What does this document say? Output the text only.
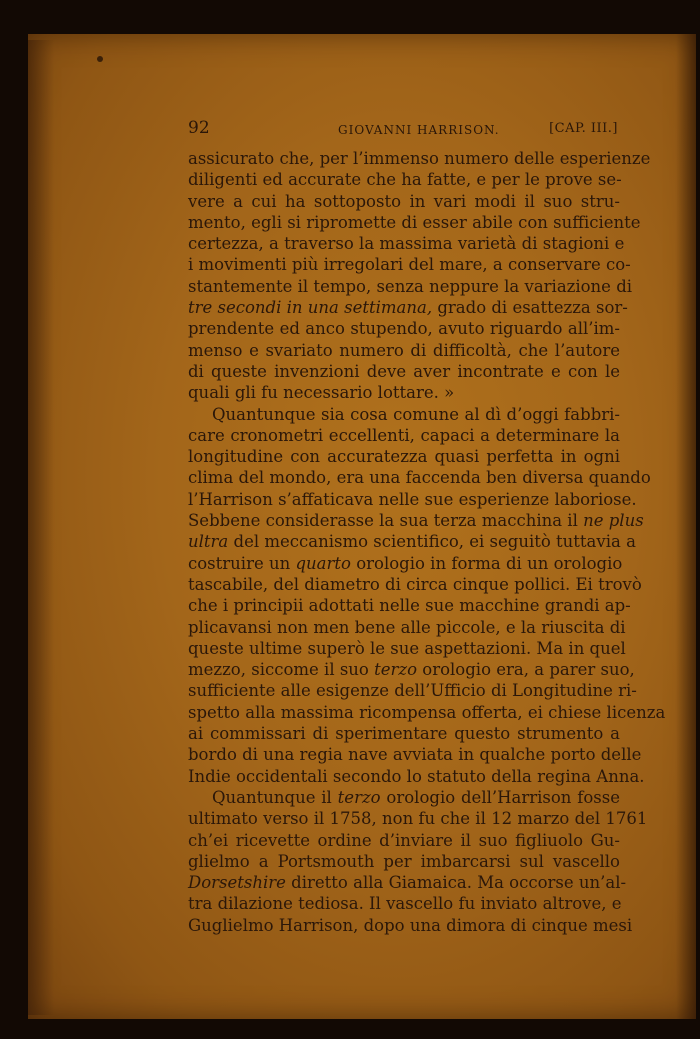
92	GIOVANNI HARRISON.	[CAP. III.]
assicurato che, per l’immenso numero delle esperienze
diligenti ed accurate che ha fatte, e per le prove se-
vere a cui ha sottoposto in vari modi il suo stru-
mento, egli si ripromette di esser abile con sufficiente
certezza, a traverso la massima varietà di stagioni e
i movimenti più irregolari del mare, a conservare co-
stantemente il tempo, senza neppure la variazione di
tre secondi in una settimana, grado di esattezza sor-
prendente ed anco stupendo, avuto riguardo all’im-
menso e svariato numero di difficoltà, che l’autore
di queste invenzioni deve aver incontrate e con le
quali gli fu necessario lottare. »
Quantunque sia cosa comune al dì d’oggi fabbri-
care cronometri eccellenti, capaci a determinare la
longitudine con accuratezza quasi perfetta in ogni
clima del mondo, era una faccenda ben diversa quando
l’Harrison s’affaticava nelle sue esperienze laboriose.
Sebbene considerasse la sua terza macchina il ne plus
ultra del meccanismo scientifico, ei seguitò tuttavia a
costruire un quarto orologio in forma di un orologio
tascabile, del diametro di circa cinque pollici. Ei trovò
che i principii adottati nelle sue macchine grandi ap-
plicavansi non men bene alle piccole, e la riuscita di
queste ultime superò le sue aspettazioni. Ma in quel
mezzo, siccome il suo terzo orologio era, a parer suo,
sufficiente alle esigenze dell’Ufficio di Longitudine ri-
spetto alla massima ricompensa offerta, ei chiese licenza
ai commissari di sperimentare questo strumento a
bordo di una regia nave avviata in qualche porto delle
Indie occidentali secondo lo statuto della regina Anna.
Quantunque il terzo orologio dell’Harrison fosse
ultimato verso il 1758, non fu che il 12 marzo del 1761
ch’ei ricevette ordine d’inviare il suo figliuolo Gu-
glielmo a Portsmouth per imbarcarsi sul vascello
Dorsetshire diretto alla Giamaica. Ma occorse un’al-
tra dilazione tediosa. Il vascello fu inviato altrove, e
Guglielmo Harrison, dopo una dimora di cinque mesi
